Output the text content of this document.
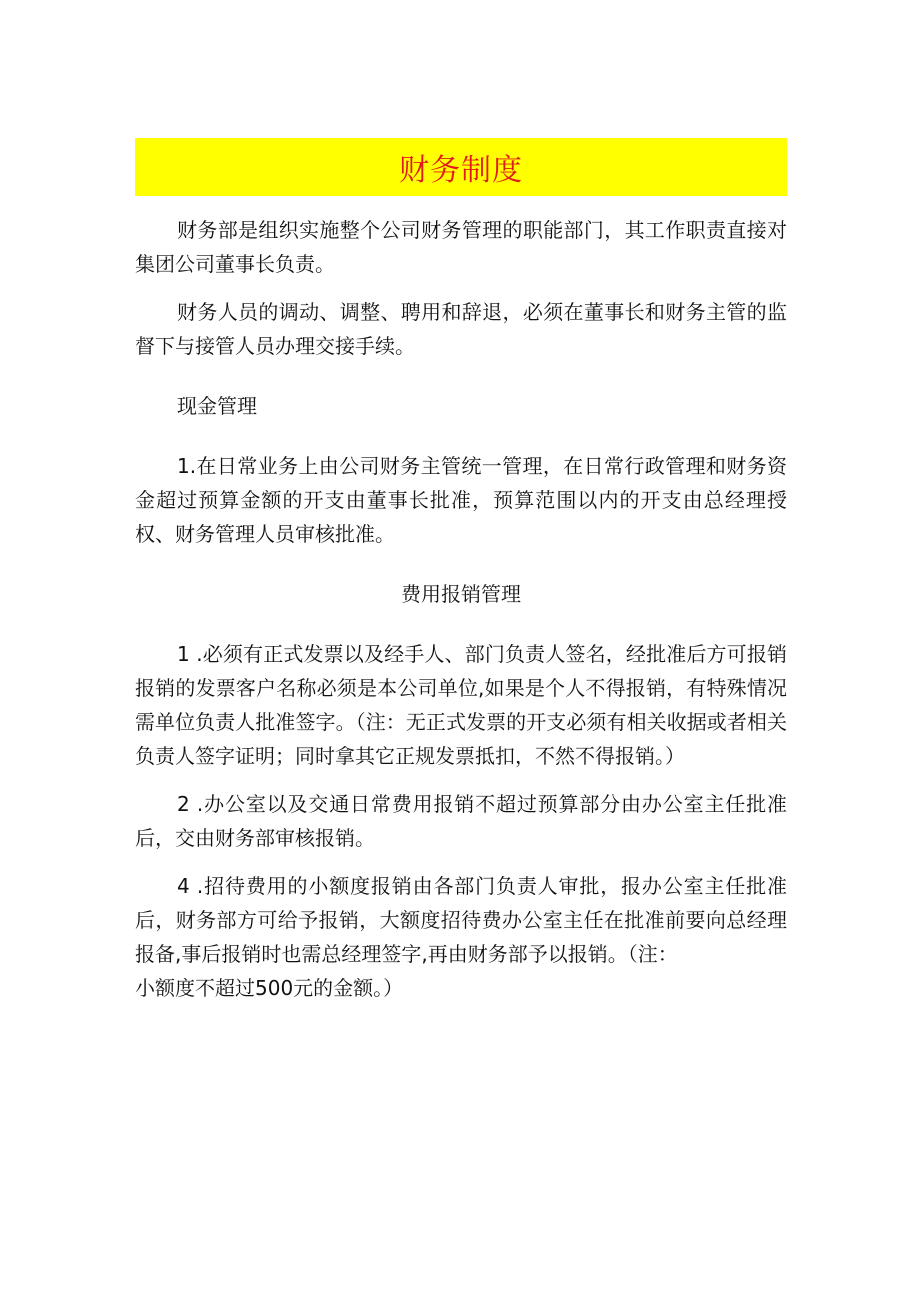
财务制度

财务部是组织实施整个公司财务管理的职能部门，其工作职责直接对集团公司董事长负责。

财务人员的调动、调整、聘用和辞退，必须在董事长和财务主管的监督下与接管人员办理交接手续。

现金管理

1.在日常业务上由公司财务主管统一管理，在日常行政管理和财务资金超过预算金额的开支由董事长批准，预算范围以内的开支由总经理授权、财务管理人员审核批准。

费用报销管理

1 .必须有正式发票以及经手人、部门负责人签名，经批准后方可报销报销的发票客户名称必须是本公司单位,如果是个人不得报销，有特殊情况需单位负责人批准签字。（注：无正式发票的开支必须有相关收据或者相关负责人签字证明；同时拿其它正规发票抵扣，不然不得报销。）

2 .办公室以及交通日常费用报销不超过预算部分由办公室主任批准后，交由财务部审核报销。

4 .招待费用的小额度报销由各部门负责人审批，报办公室主任批准后，财务部方可给予报销，大额度招待费办公室主任在批准前要向总经理报备,事后报销时也需总经理签字,再由财务部予以报销。（注：

小额度不超过500元的金额。）
